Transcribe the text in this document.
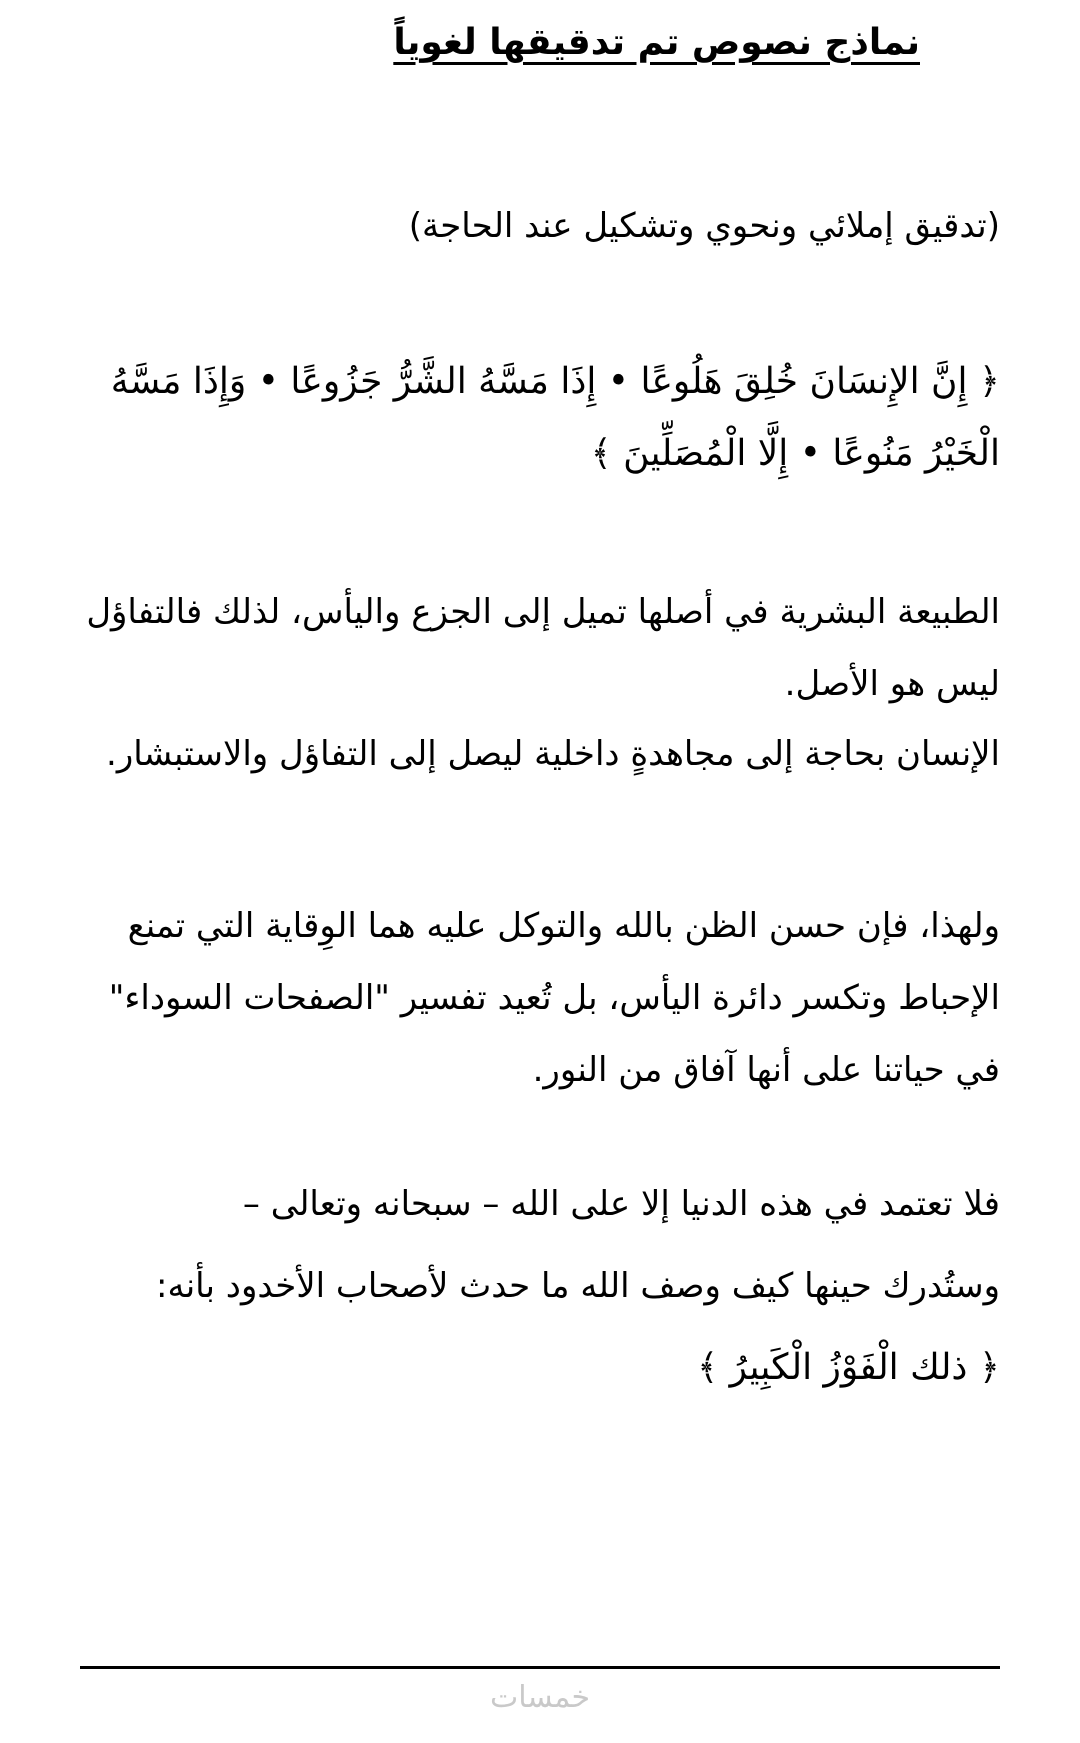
نماذج نصوص تم تدقيقها لغوياً

(تدقيق إملائي ونحوي وتشكيل عند الحاجة)

﴿ إِنَّ الإِنسَانَ خُلِقَ هَلُوعًا • إِذَا مَسَّهُ الشَّرُّ جَزُوعًا • وَإِذَا مَسَّهُ

الْخَيْرُ مَنُوعًا • إِلَّا الْمُصَلِّينَ ﴾

الطبيعة البشرية في أصلها تميل إلى الجزع واليأس، لذلك فالتفاؤل

ليس هو الأصل.

الإنسان بحاجة إلى مجاهدةٍ داخلية ليصل إلى التفاؤل والاستبشار.

ولهذا، فإن حسن الظن بالله والتوكل عليه هما الوِقاية التي تمنع

الإحباط وتكسر دائرة اليأس، بل تُعيد تفسير "الصفحات السوداء"

في حياتنا على أنها آفاق من النور.

فلا تعتمد في هذه الدنيا إلا على الله – سبحانه وتعالى –

وستُدرك حينها كيف وصف الله ما حدث لأصحاب الأخدود بأنه:

﴿ ذلك الْفَوْزُ الْكَبِيرُ ﴾

خمسات
